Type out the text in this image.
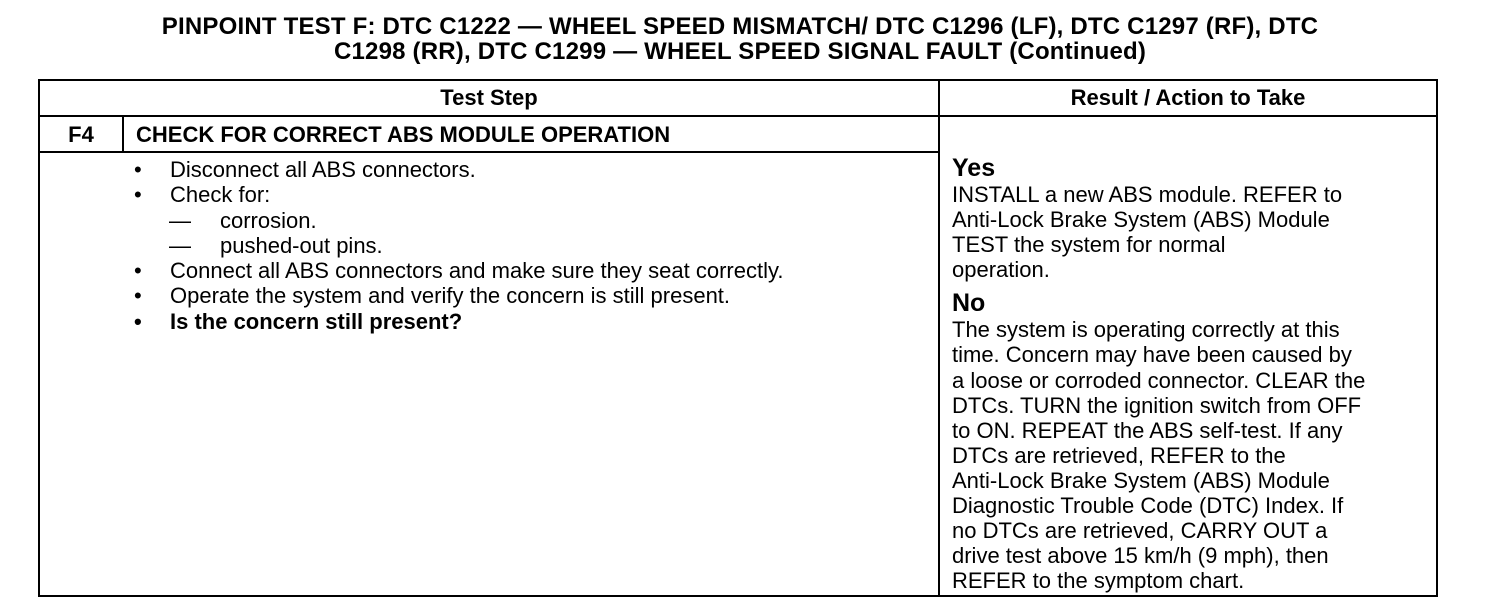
PINPOINT TEST F: DTC C1222 — WHEEL SPEED MISMATCH/ DTC C1296 (LF), DTC C1297 (RF), DTC
C1298 (RR), DTC C1299 — WHEEL SPEED SIGNAL FAULT (Continued)
Test Step	Result / Action to Take
F4	CHECK FOR CORRECT ABS MODULE OPERATION
•	Disconnect all ABS connectors.
•	Check for:
—	corrosion.
—	pushed-out pins.
•	Connect all ABS connectors and make sure they seat correctly.
•	Operate the system and verify the concern is still present.
•	Is the concern still present?
Yes
INSTALL a new ABS module. REFER to
Anti-Lock Brake System (ABS) Module
TEST the system for normal
operation.
No
The system is operating correctly at this
time. Concern may have been caused by
a loose or corroded connector. CLEAR the
DTCs. TURN the ignition switch from OFF
to ON. REPEAT the ABS self-test. If any
DTCs are retrieved, REFER to the
Anti-Lock Brake System (ABS) Module
Diagnostic Trouble Code (DTC) Index. If
no DTCs are retrieved, CARRY OUT a
drive test above 15 km/h (9 mph), then
REFER to the symptom chart.
